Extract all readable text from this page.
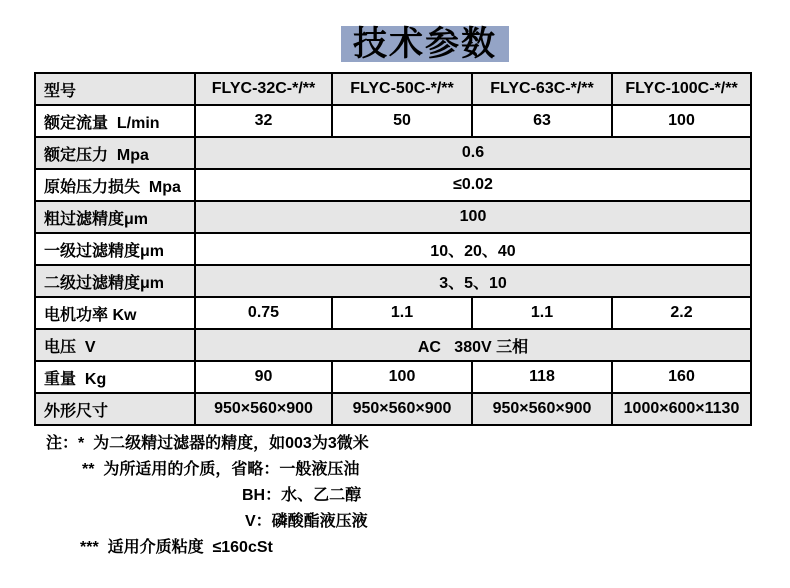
技术参数
型号	FLYC-32C-*/**	FLYC-50C-*/**	FLYC-63C-*/**	FLYC-100C-*/**
额定流量  L/min	32	50	63	100
额定压力  Mpa	0.6			
原始压力损失  Mpa	≤0.02			
粗过滤精度μm	100			
一级过滤精度μm	10、20、40			
二级过滤精度μm	3、5、10			
电机功率 Kw	0.75	1.1	1.1	2.2
电压  V	AC   380V 三相			
重量  Kg	90	100	118	160
外形尺寸	950×560×900	950×560×900	950×560×900	1000×600×1130
注：*  为二级精过滤器的精度，如003为3微米
**  为所适用的介质，省略：一般液压油
BH：水、乙二醇
V：磷酸酯液压液
***  适用介质粘度  ≤160cSt
